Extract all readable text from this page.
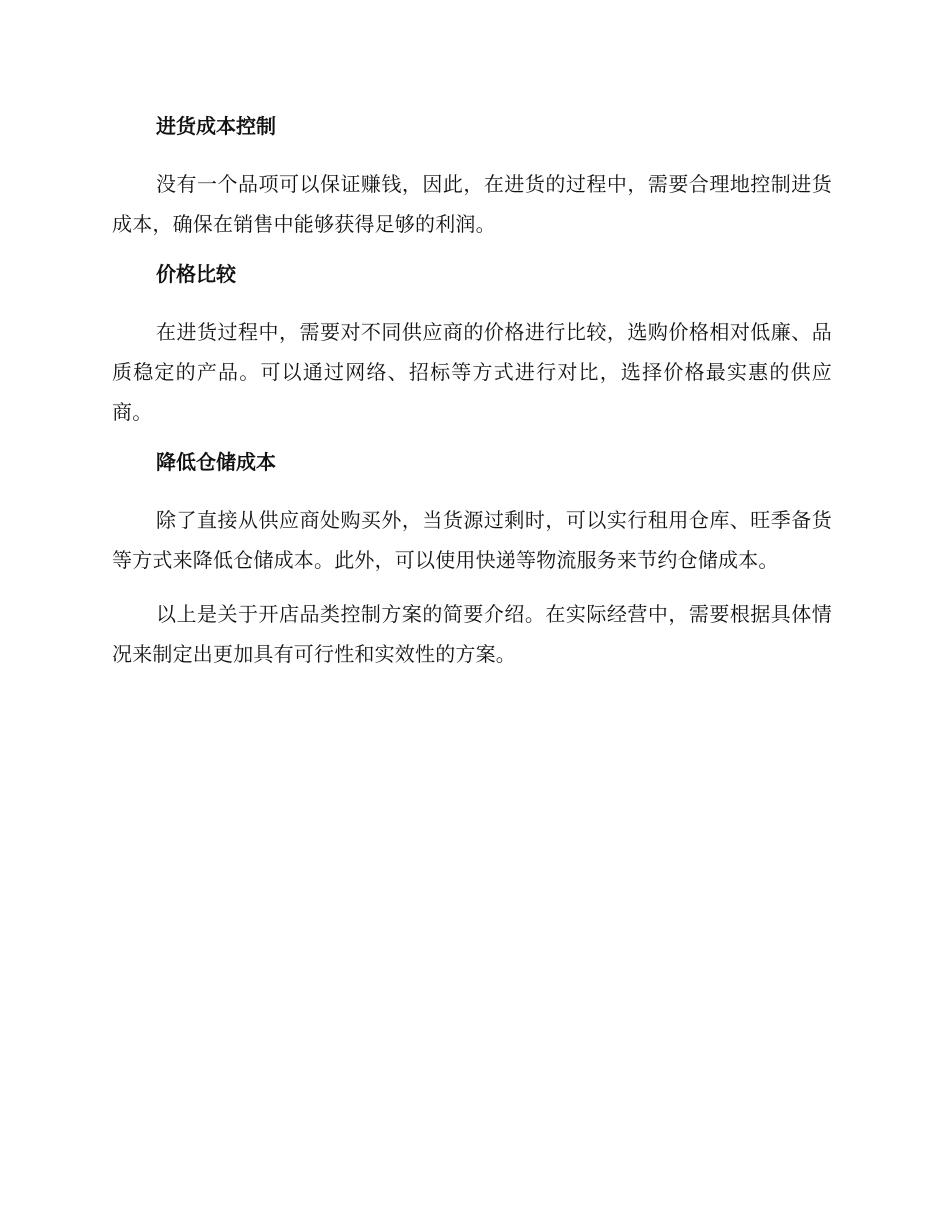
进货成本控制

没有一个品项可以保证赚钱，因此，在进货的过程中，需要合理地控制进货成本，确保在销售中能够获得足够的利润。

价格比较

在进货过程中，需要对不同供应商的价格进行比较，选购价格相对低廉、品质稳定的产品。可以通过网络、招标等方式进行对比，选择价格最实惠的供应商。

降低仓储成本

除了直接从供应商处购买外，当货源过剩时，可以实行租用仓库、旺季备货等方式来降低仓储成本。此外，可以使用快递等物流服务来节约仓储成本。

以上是关于开店品类控制方案的简要介绍。在实际经营中，需要根据具体情况来制定出更加具有可行性和实效性的方案。
